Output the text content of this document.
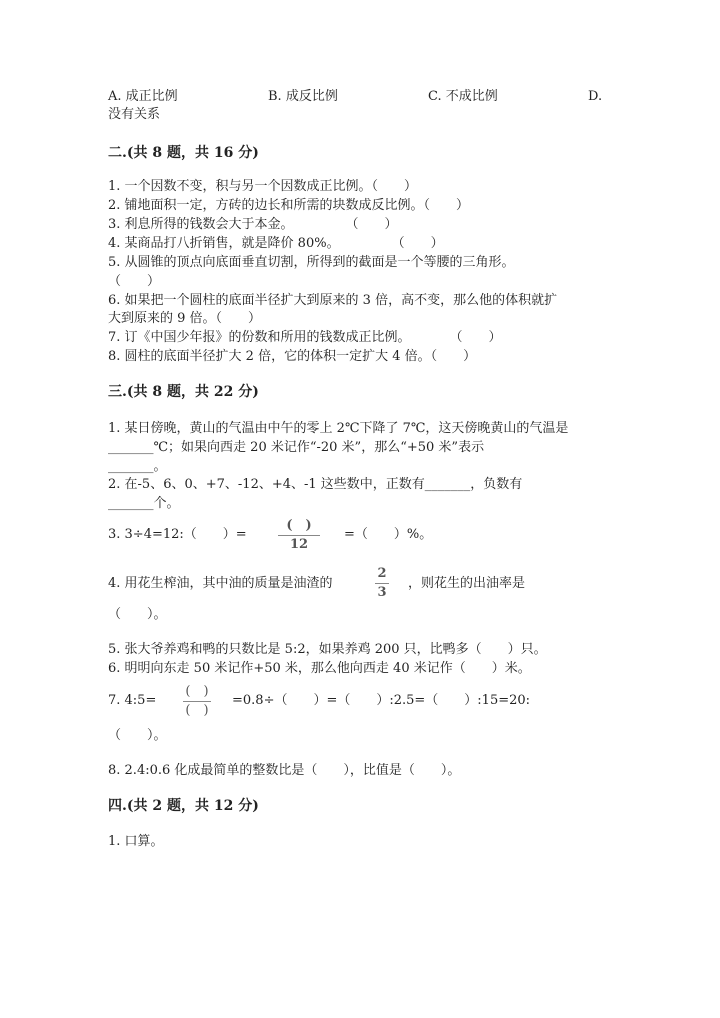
A. 成正比例	B. 成反比例	C. 不成比例	D.
没有关系
二.(共 8 题，共 16 分)
1. 一个因数不变，积与另一个因数成正比例。（　　）
2. 铺地面积一定，方砖的边长和所需的块数成反比例。（　　）
3. 利息所得的钱数会大于本金。　　　　　（　　）
4. 某商品打八折销售，就是降价 80%。　　　　　（　　）
5. 从圆锥的顶点向底面垂直切割，所得到的截面是一个等腰的三角形。
（　　）
6. 如果把一个圆柱的底面半径扩大到原来的 3 倍，高不变，那么他的体积就扩
大到原来的 9 倍。（　　）
7. 订《中国少年报》的份数和所用的钱数成正比例。　　　　（　　）
8. 圆柱的底面半径扩大 2 倍，它的体积一定扩大 4 倍。（　　）
三.(共 8 题，共 22 分)
1. 某日傍晚，黄山的气温由中午的零上 2℃下降了 7℃，这天傍晚黄山的气温是
_______℃；如果向西走 20 米记作“-20 米”，那么“+50 米”表示
_______。
2. 在-5、6、0、+7、-12、+4、-1 这些数中，正数有_______，负数有
_______个。
3. 3÷4=12:（　　）=
(　)
12
=（　　）%。
4. 用花生榨油，其中油的质量是油渣的
2
3
，则花生的出油率是
（　　）。
5. 张大爷养鸡和鸭的只数比是 5:2，如果养鸡 200 只，比鸭多（　　）只。
6. 明明向东走 50 米记作+50 米，那么他向西走 40 米记作（　　）米。
7. 4:5=
(　)
(　)
=0.8÷（　　）=（　　）:2.5=（　　）:15=20:
（　　）。
8. 2.4:0.6 化成最简单的整数比是（　　），比值是（　　）。
四.(共 2 题，共 12 分)
1. 口算。
